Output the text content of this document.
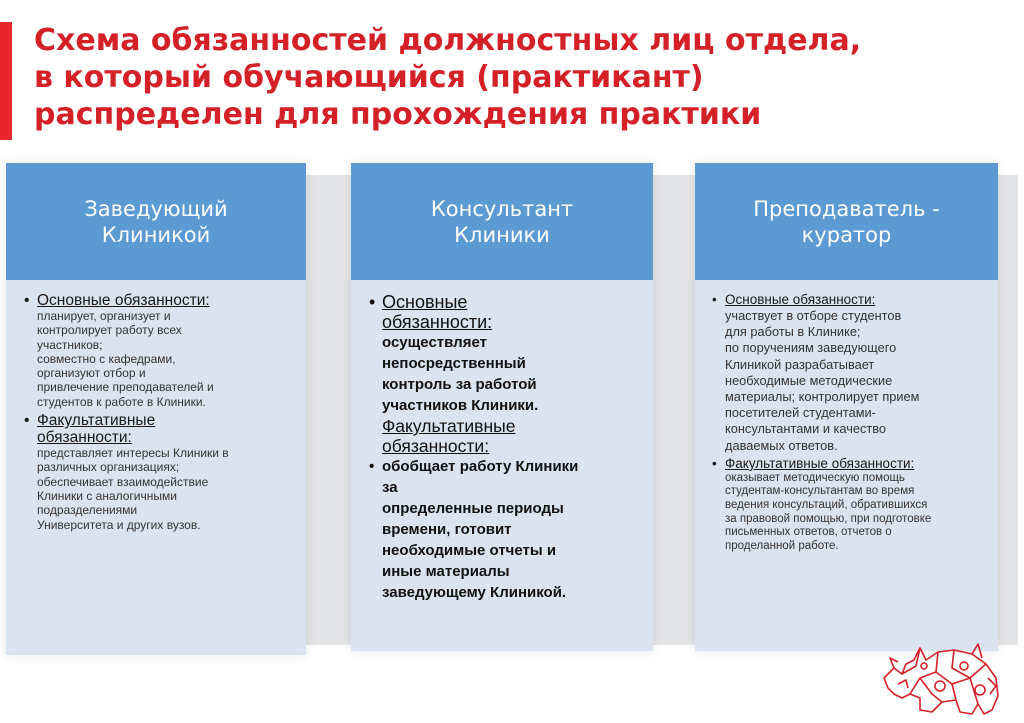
Схема обязанностей должностных лиц отдела,
в который обучающийся (практикант)
распределен для прохождения практики
Заведующий
Клиникой
• Основные обязанности:
планирует, организует и
контролирует работу всех
участников;
совместно с кафедрами,
организуют отбор и
привлечение преподавателей и
студентов к работе в Клиники.
• Факультативные
обязанности:
представляет интересы Клиники в
различных организациях;
обеспечивает взаимодействие
Клиники с аналогичными
подразделениями
Университета и других вузов.
Консультант
Клиники
• Основные
обязанности:
осуществляет
непосредственный
контроль за работой
участников Клиники.
Факультативные
обязанности:
• обобщает работу Клиники
за
определенные периоды
времени, готовит
необходимые отчеты и
иные материалы
заведующему Клиникой.
Преподаватель -
куратор
• Основные обязанности:
участвует в отборе студентов
для работы в Клинике;
по поручениям заведующего
Клиникой разрабатывает
необходимые методические
материалы; контролирует прием
посетителей студентами-
консультантами и качество
даваемых ответов.
• Факультативные обязанности:
оказывает методическую помощь
студентам-консультантам во время
ведения консультаций, обратившихся
за правовой помощью, при подготовке
письменных ответов, отчетов о
проделанной работе.
